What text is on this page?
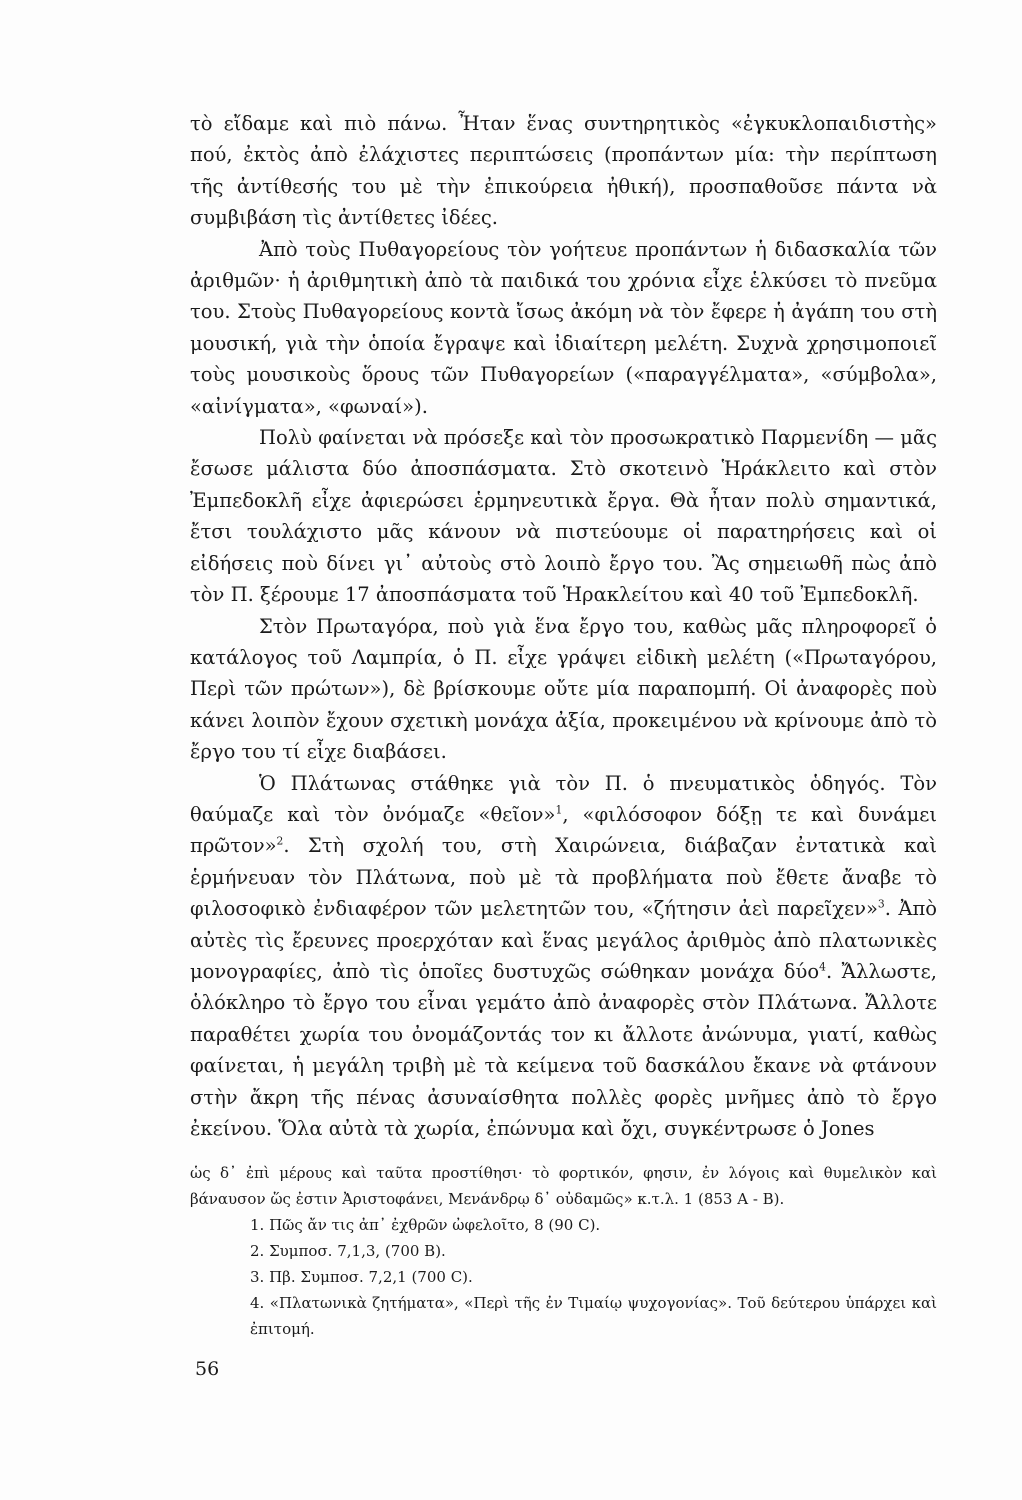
τὸ εἴδαμε καὶ πιὸ πάνω. Ἦταν ἕνας συντηρητικὸς «ἐγκυκλοπαιδιστὴς» πού, ἐκτὸς ἀπὸ ἐλάχιστες περιπτώσεις (προπάντων μία: τὴν περίπτωση τῆς ἀντίθεσής του μὲ τὴν ἐπικούρεια ἠθική), προσπαθοῦσε πάντα νὰ συμβιβάση τὶς ἀντίθετες ἰδέες.

Ἀπὸ τοὺς Πυθαγορείους τὸν γοήτευε προπάντων ἡ διδασκαλία τῶν ἀριθμῶν· ἡ ἀριθμητικὴ ἀπὸ τὰ παιδικά του χρόνια εἶχε ἑλκύσει τὸ πνεῦμα του. Στοὺς Πυθαγορείους κοντὰ ἴσως ἀκόμη νὰ τὸν ἔφερε ἡ ἀγάπη του στὴ μουσική, γιὰ τὴν ὁποία ἔγραψε καὶ ἰδιαίτερη μελέτη. Συχνὰ χρησιμοποιεῖ τοὺς μουσικοὺς ὅρους τῶν Πυθαγορείων («παραγγέλματα», «σύμβολα», «αἰνίγματα», «φωναί»).

Πολὺ φαίνεται νὰ πρόσεξε καὶ τὸν προσωκρατικὸ Παρμενίδη — μᾶς ἔσωσε μάλιστα δύο ἀποσπάσματα. Στὸ σκοτεινὸ Ἡράκλειτο καὶ στὸν Ἐμπεδοκλῆ εἶχε ἀφιερώσει ἑρμηνευτικὰ ἔργα. Θὰ ἦταν πολὺ σημαντικά, ἔτσι τουλάχιστο μᾶς κάνουν νὰ πιστεύουμε οἱ παρατηρήσεις καὶ οἱ εἰδήσεις ποὺ δίνει γι᾿ αὐτοὺς στὸ λοιπὸ ἔργο του. Ἂς σημειωθῆ πὼς ἀπὸ τὸν Π. ξέρουμε 17 ἀποσπάσματα τοῦ Ἡρακλείτου καὶ 40 τοῦ Ἐμπεδοκλῆ.

Στὸν Πρωταγόρα, ποὺ γιὰ ἕνα ἔργο του, καθὼς μᾶς πληροφορεῖ ὁ κατάλογος τοῦ Λαμπρία, ὁ Π. εἶχε γράψει εἰδικὴ μελέτη («Πρωταγόρου, Περὶ τῶν πρώτων»), δὲ βρίσκουμε οὔτε μία παραπομπή. Οἱ ἀναφορὲς ποὺ κάνει λοιπὸν ἔχουν σχετικὴ μονάχα ἀξία, προκειμένου νὰ κρίνουμε ἀπὸ τὸ ἔργο του τί εἶχε διαβάσει.

Ὁ Πλάτωνας στάθηκε γιὰ τὸν Π. ὁ πνευματικὸς ὁδηγός. Τὸν θαύμαζε καὶ τὸν ὀνόμαζε «θεῖον»$^1$, «φιλόσοφον δόξῃ τε καὶ δυνάμει πρῶτον»$^2$. Στὴ σχολή του, στὴ Χαιρώνεια, διάβαζαν ἐντατικὰ καὶ ἑρμήνευαν τὸν Πλάτωνα, ποὺ μὲ τὰ προβλήματα ποὺ ἔθετε ἄναβε τὸ φιλοσοφικὸ ἐνδιαφέρον τῶν μελετητῶν του, «ζήτησιν ἀεὶ παρεῖχεν»$^3$. Ἀπὸ αὐτὲς τὶς ἔρευνες προερχόταν καὶ ἕνας μεγάλος ἀριθμὸς ἀπὸ πλατωνικὲς μονογραφίες, ἀπὸ τὶς ὁποῖες δυστυχῶς σώθηκαν μονάχα δύο$^4$. Ἄλλωστε, ὁλόκληρο τὸ ἔργο του εἶναι γεμάτο ἀπὸ ἀναφορὲς στὸν Πλάτωνα. Ἄλλοτε παραθέτει χωρία του ὀνομάζοντάς τον κι ἄλλοτε ἀνώνυμα, γιατί, καθὼς φαίνεται, ἡ μεγάλη τριβὴ μὲ τὰ κείμενα τοῦ δασκάλου ἔκανε νὰ φτάνουν στὴν ἄκρη τῆς πένας ἀσυναίσθητα πολλὲς φορὲς μνῆμες ἀπὸ τὸ ἔργο ἐκείνου. Ὅλα αὐτὰ τὰ χωρία, ἐπώνυμα καὶ ὄχι, συγκέντρωσε ὁ Jones

ὡς δ᾿ ἐπὶ μέρους καὶ ταῦτα προστίθησι· τὸ φορτικόν, φησιν, ἐν λόγοις καὶ θυμελικὸν καὶ βάναυσον ὥς ἐστιν Ἀριστοφάνει, Μενάνδρῳ δ᾿ οὐδαμῶς» κ.τ.λ. 1 (853 A - B).

1. Πῶς ἄν τις ἀπ᾿ ἐχθρῶν ὠφελοῖτο, 8 (90 C).

2. Συμποσ. 7,1,3, (700 B).

3. Πβ. Συμποσ. 7,2,1 (700 C).

4. «Πλατωνικὰ ζητήματα», «Περὶ τῆς ἐν Τιμαίῳ ψυχογονίας». Τοῦ δεύτερου ὑπάρχει καὶ ἐπιτομή.

56
